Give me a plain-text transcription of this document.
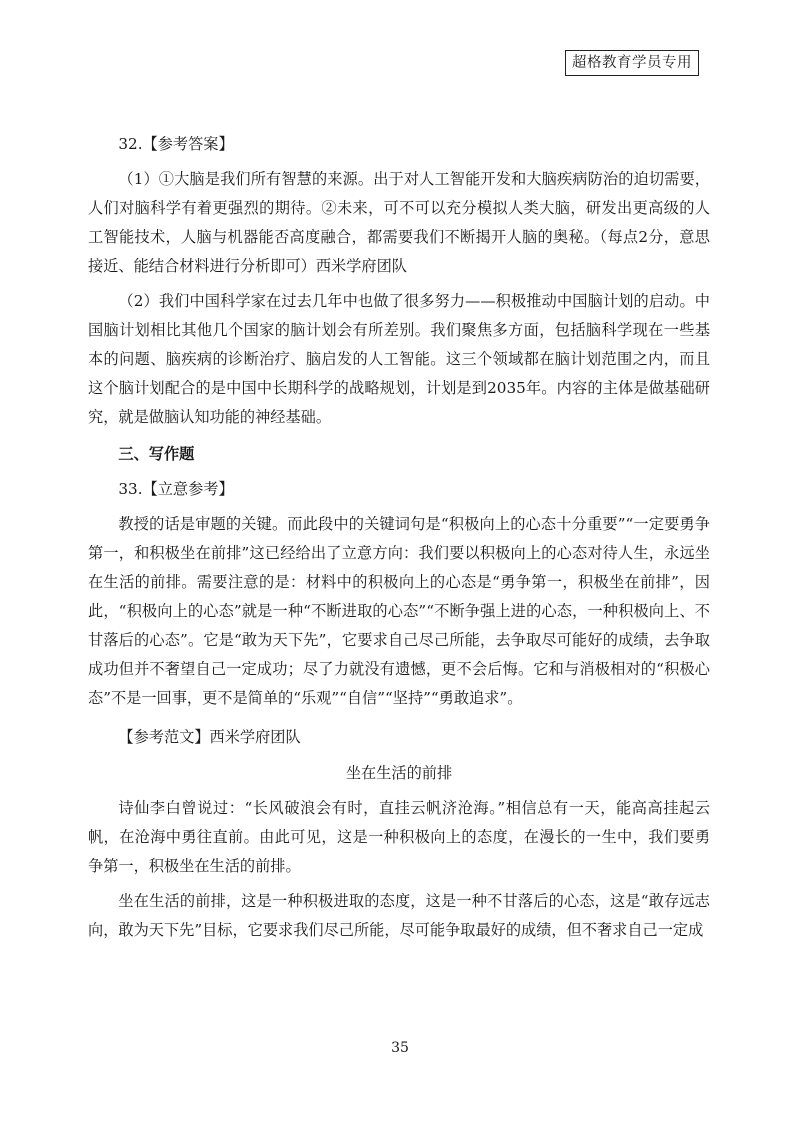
超格教育学员专用

32.【参考答案】

（1）①大脑是我们所有智慧的来源。出于对人工智能开发和大脑疾病防治的迫切需要，人们对脑科学有着更强烈的期待。②未来，可不可以充分模拟人类大脑，研发出更高级的人工智能技术，人脑与机器能否高度融合，都需要我们不断揭开人脑的奥秘。（每点2分，意思接近、能结合材料进行分析即可）西米学府团队

（2）我们中国科学家在过去几年中也做了很多努力——积极推动中国脑计划的启动。中国脑计划相比其他几个国家的脑计划会有所差别。我们聚焦多方面，包括脑科学现在一些基本的问题、脑疾病的诊断治疗、脑启发的人工智能。这三个领域都在脑计划范围之内，而且这个脑计划配合的是中国中长期科学的战略规划，计划是到2035年。内容的主体是做基础研究，就是做脑认知功能的神经基础。

三、写作题

33.【立意参考】

教授的话是审题的关键。而此段中的关键词句是“积极向上的心态十分重要”“一定要勇争第一，和积极坐在前排”这已经给出了立意方向：我们要以积极向上的心态对待人生，永远坐在生活的前排。需要注意的是：材料中的积极向上的心态是“勇争第一，积极坐在前排”，因此，“积极向上的心态”就是一种“不断进取的心态”“不断争强上进的心态，一种积极向上、不甘落后的心态”。它是“敢为天下先”，它要求自己尽己所能，去争取尽可能好的成绩，去争取成功但并不奢望自己一定成功；尽了力就没有遗憾，更不会后悔。它和与消极相对的“积极心态”不是一回事，更不是简单的“乐观”“自信”“坚持”“勇敢追求”。

【参考范文】西米学府团队

坐在生活的前排

诗仙李白曾说过：“长风破浪会有时，直挂云帆济沧海。”相信总有一天，能高高挂起云帆，在沧海中勇往直前。由此可见，这是一种积极向上的态度，在漫长的一生中，我们要勇争第一，积极坐在生活的前排。

坐在生活的前排，这是一种积极进取的态度，这是一种不甘落后的心态，这是“敢存远志向，敢为天下先”目标，它要求我们尽己所能，尽可能争取最好的成绩，但不奢求自己一定成

35
